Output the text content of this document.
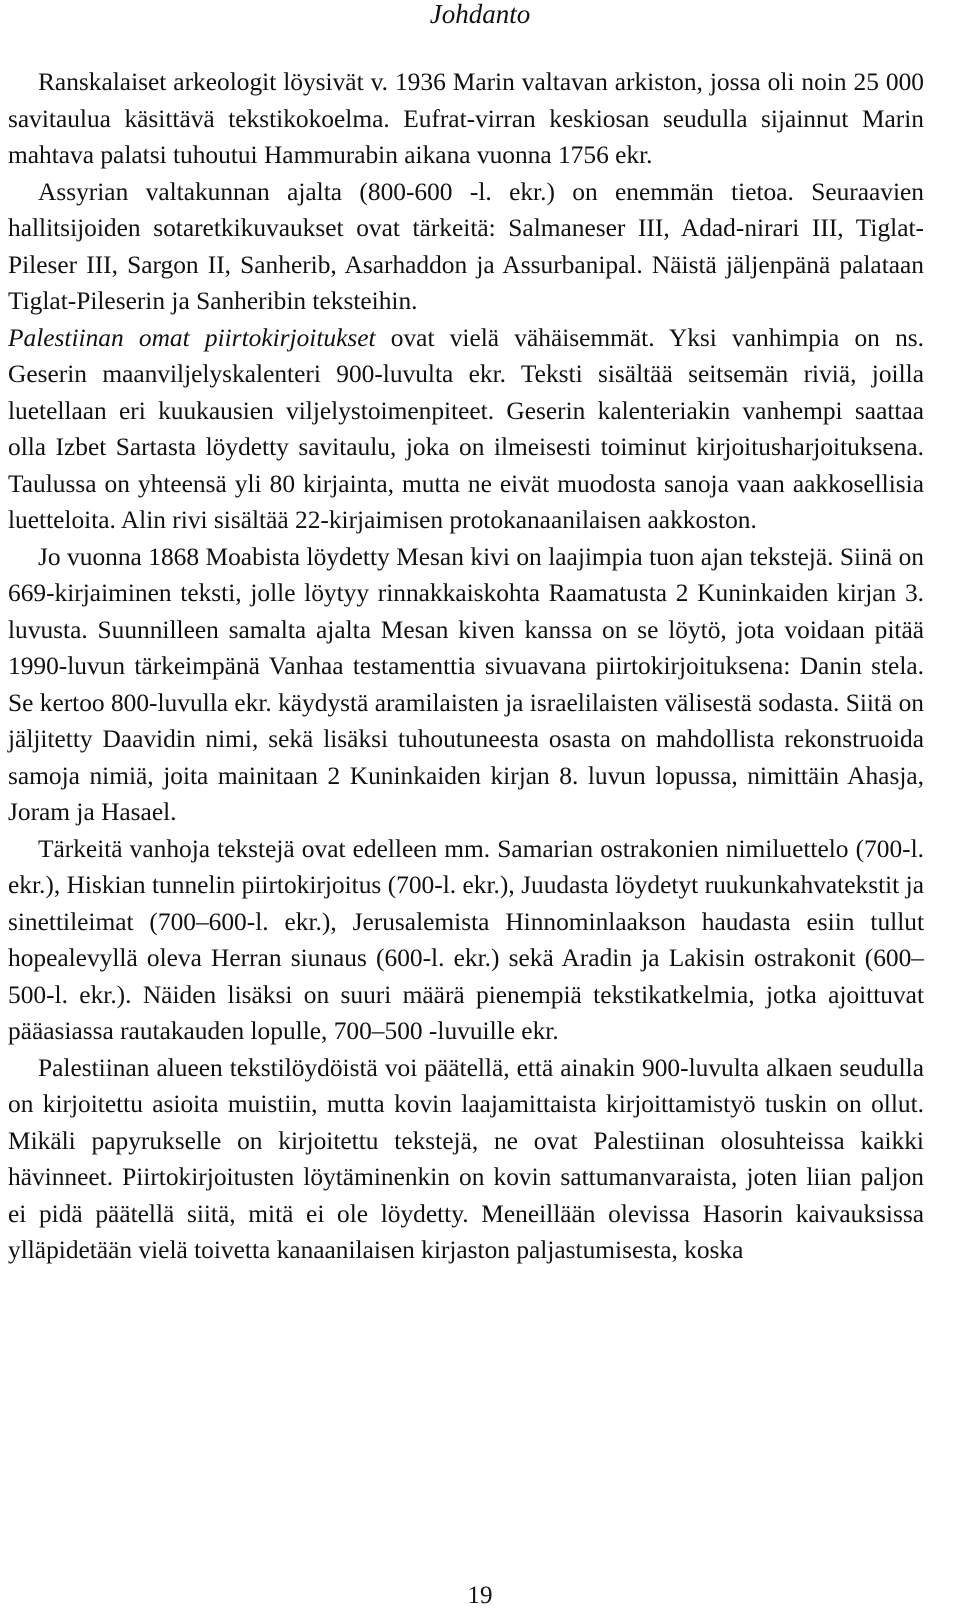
Johdanto

Ranskalaiset arkeologit löysivät v. 1936 Marin valtavan arkiston, jossa oli noin 25 000 savitaulua käsittävä tekstikokoelma. Eufrat-virran keskiosan seudulla sijainnut Marin mahtava palatsi tuhoutui Hammurabin aikana vuonna 1756 ekr.

Assyrian valtakunnan ajalta (800-600 -l. ekr.) on enemmän tietoa. Seuraavien hallitsijoiden sotaretkikuvaukset ovat tärkeitä: Salmaneser III, Adad-nirari III, Tiglat-Pileser III, Sargon II, Sanherib, Asarhaddon ja Assurbanipal. Näistä jäljenpänä palataan Tiglat-Pileserin ja Sanheribin teksteihin.

Palestiinan omat piirtokirjoitukset ovat vielä vähäisemmät. Yksi vanhimpia on ns. Geserin maanviljelyskalenteri 900-luvulta ekr. Teksti sisältää seitsemän riviä, joilla luetellaan eri kuukausien viljelystoimenpiteet. Geserin kalenteriakin vanhempi saattaa olla Izbet Sartasta löydetty savitaulu, joka on ilmeisesti toiminut kirjoitusharjoituksena. Taulussa on yhteensä yli 80 kirjainta, mutta ne eivät muodosta sanoja vaan aakkosellisia luetteloita. Alin rivi sisältää 22-kirjaimisen protokanaanilaisen aakkoston.

Jo vuonna 1868 Moabista löydetty Mesan kivi on laajimpia tuon ajan tekstejä. Siinä on 669-kirjaiminen teksti, jolle löytyy rinnakkaiskohta Raamatusta 2 Kuninkaiden kirjan 3. luvusta. Suunnilleen samalta ajalta Mesan kiven kanssa on se löytö, jota voidaan pitää 1990-luvun tärkeimpänä Vanhaa testamenttia sivuavana piirtokirjoituksena: Danin stela. Se kertoo 800-luvulla ekr. käydystä aramilaisten ja israelilaisten välisestä sodasta. Siitä on jäljitetty Daavidin nimi, sekä lisäksi tuhoutuneesta osasta on mahdollista rekonstruoida samoja nimiä, joita mainitaan 2 Kuninkaiden kirjan 8. luvun lopussa, nimittäin Ahasja, Joram ja Hasael.

Tärkeitä vanhoja tekstejä ovat edelleen mm. Samarian ostrakonien nimiluettelo (700-l. ekr.), Hiskian tunnelin piirtokirjoitus (700-l. ekr.), Juudasta löydetyt ruukunkahvatekstit ja sinettileimat (700–600-l. ekr.), Jerusalemista Hinnominlaakson haudasta esiin tullut hopealevyllä oleva Herran siunaus (600-l. ekr.) sekä Aradin ja Lakisin ostrakonit (600–500-l. ekr.). Näiden lisäksi on suuri määrä pienempiä tekstikatkelmia, jotka ajoittuvat pääasiassa rautakauden lopulle, 700–500 -luvuille ekr.

Palestiinan alueen tekstilöydöistä voi päätellä, että ainakin 900-luvulta alkaen seudulla on kirjoitettu asioita muistiin, mutta kovin laajamittaista kirjoittamistyö tuskin on ollut. Mikäli papyrukselle on kirjoitettu tekstejä, ne ovat Palestiinan olosuhteissa kaikki hävinneet. Piirtokirjoitusten löytäminenkin on kovin sattumanvaraista, joten liian paljon ei pidä päätellä siitä, mitä ei ole löydetty. Meneillään olevissa Hasorin kaivauksissa ylläpidetään vielä toivetta kanaanilaisen kirjaston paljastumisesta, koska

19
